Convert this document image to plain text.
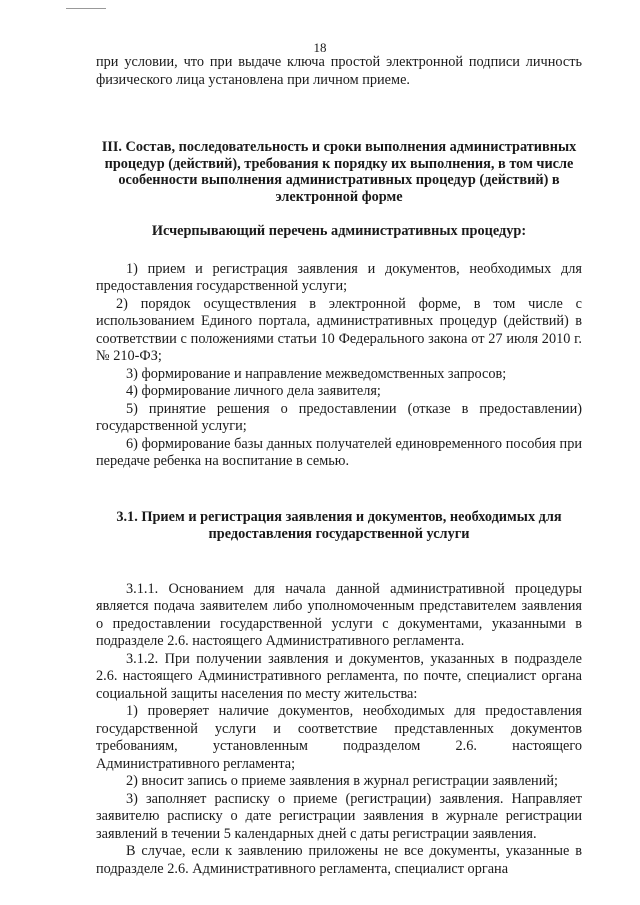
18

при условии, что при выдаче ключа простой электронной подписи личность физического лица установлена при личном приеме.

III. Состав, последовательность и сроки выполнения административных процедур (действий), требования к порядку их выполнения, в том числе особенности выполнения административных процедур (действий) в электронной форме
Исчерпывающий перечень административных процедур:

1) прием и регистрация заявления и документов, необходимых для предоставления государственной услуги;

2) порядок осуществления в электронной форме, в том числе с использованием Единого портала, административных процедур (действий) в соответствии с положениями статьи 10 Федерального закона от 27 июля 2010 г. № 210-ФЗ;

3) формирование и направление межведомственных запросов;

4) формирование личного дела заявителя;

5) принятие решения о предоставлении (отказе в предоставлении) государственной услуги;

6) формирование базы данных получателей единовременного пособия при передаче ребенка на воспитание в семью.

3.1. Прием и регистрация заявления и документов, необходимых для предоставления государственной услуги

3.1.1. Основанием для начала данной административной процедуры является подача заявителем либо уполномоченным представителем заявления о предоставлении государственной услуги с документами, указанными в подразделе 2.6. настоящего Административного регламента.

3.1.2. При получении заявления и документов, указанных в подразделе 2.6. настоящего Административного регламента, по почте, специалист органа социальной защиты населения по месту жительства:

1) проверяет наличие документов, необходимых для предоставления государственной услуги и соответствие представленных документов требованиям, установленным подразделом 2.6. настоящего Административного регламента;

2) вносит запись о приеме заявления в журнал регистрации заявлений;

3) заполняет расписку о приеме (регистрации) заявления. Направляет заявителю расписку о дате регистрации заявления в журнале регистрации заявлений в течении 5 календарных дней с даты регистрации заявления.

В случае, если к заявлению приложены не все документы, указанные в подразделе 2.6. Административного регламента, специалист органа
